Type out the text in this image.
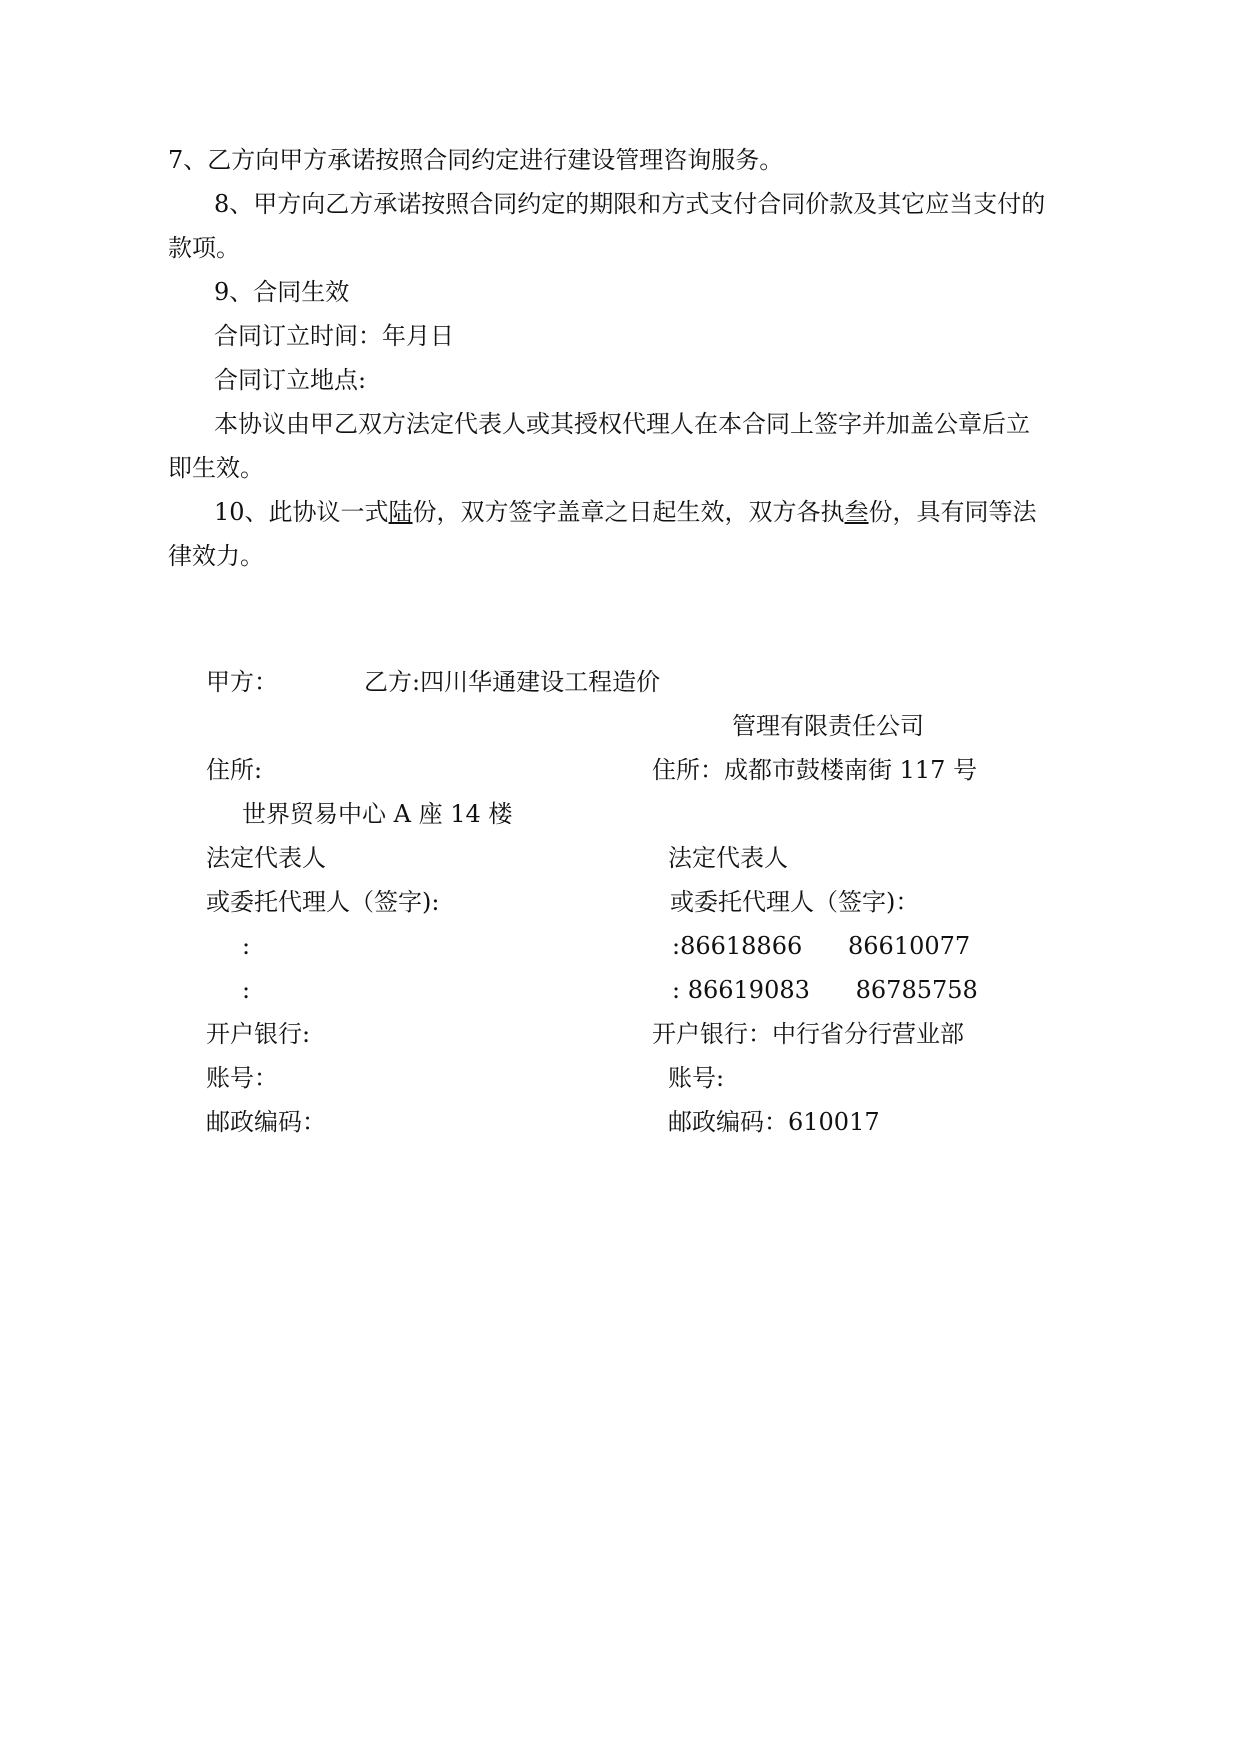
7、乙方向甲方承诺按照合同约定进行建设管理咨询服务。
8、甲方向乙方承诺按照合同约定的期限和方式支付合同价款及其它应当支付的
款项。
9、合同生效
合同订立时间：年月日
合同订立地点:
本协议由甲乙双方法定代表人或其授权代理人在本合同上签字并加盖公章后立
即生效。
10、此协议一式陆份，双方签字盖章之日起生效，双方各执叁份，具有同等法
律效力。
甲方：	乙方:四川华通建设工程造价
管理有限责任公司
住所:	住所：成都市鼓楼南街 117 号
世界贸易中心 A 座 14 楼
法定代表人	法定代表人
或委托代理人（签字):	或委托代理人（签字)：
:	:86618866      86610077
:	: 86619083      86785758
开户银行:	开户银行：中行省分行营业部
账号：	账号:
邮政编码：	邮政编码：610017
